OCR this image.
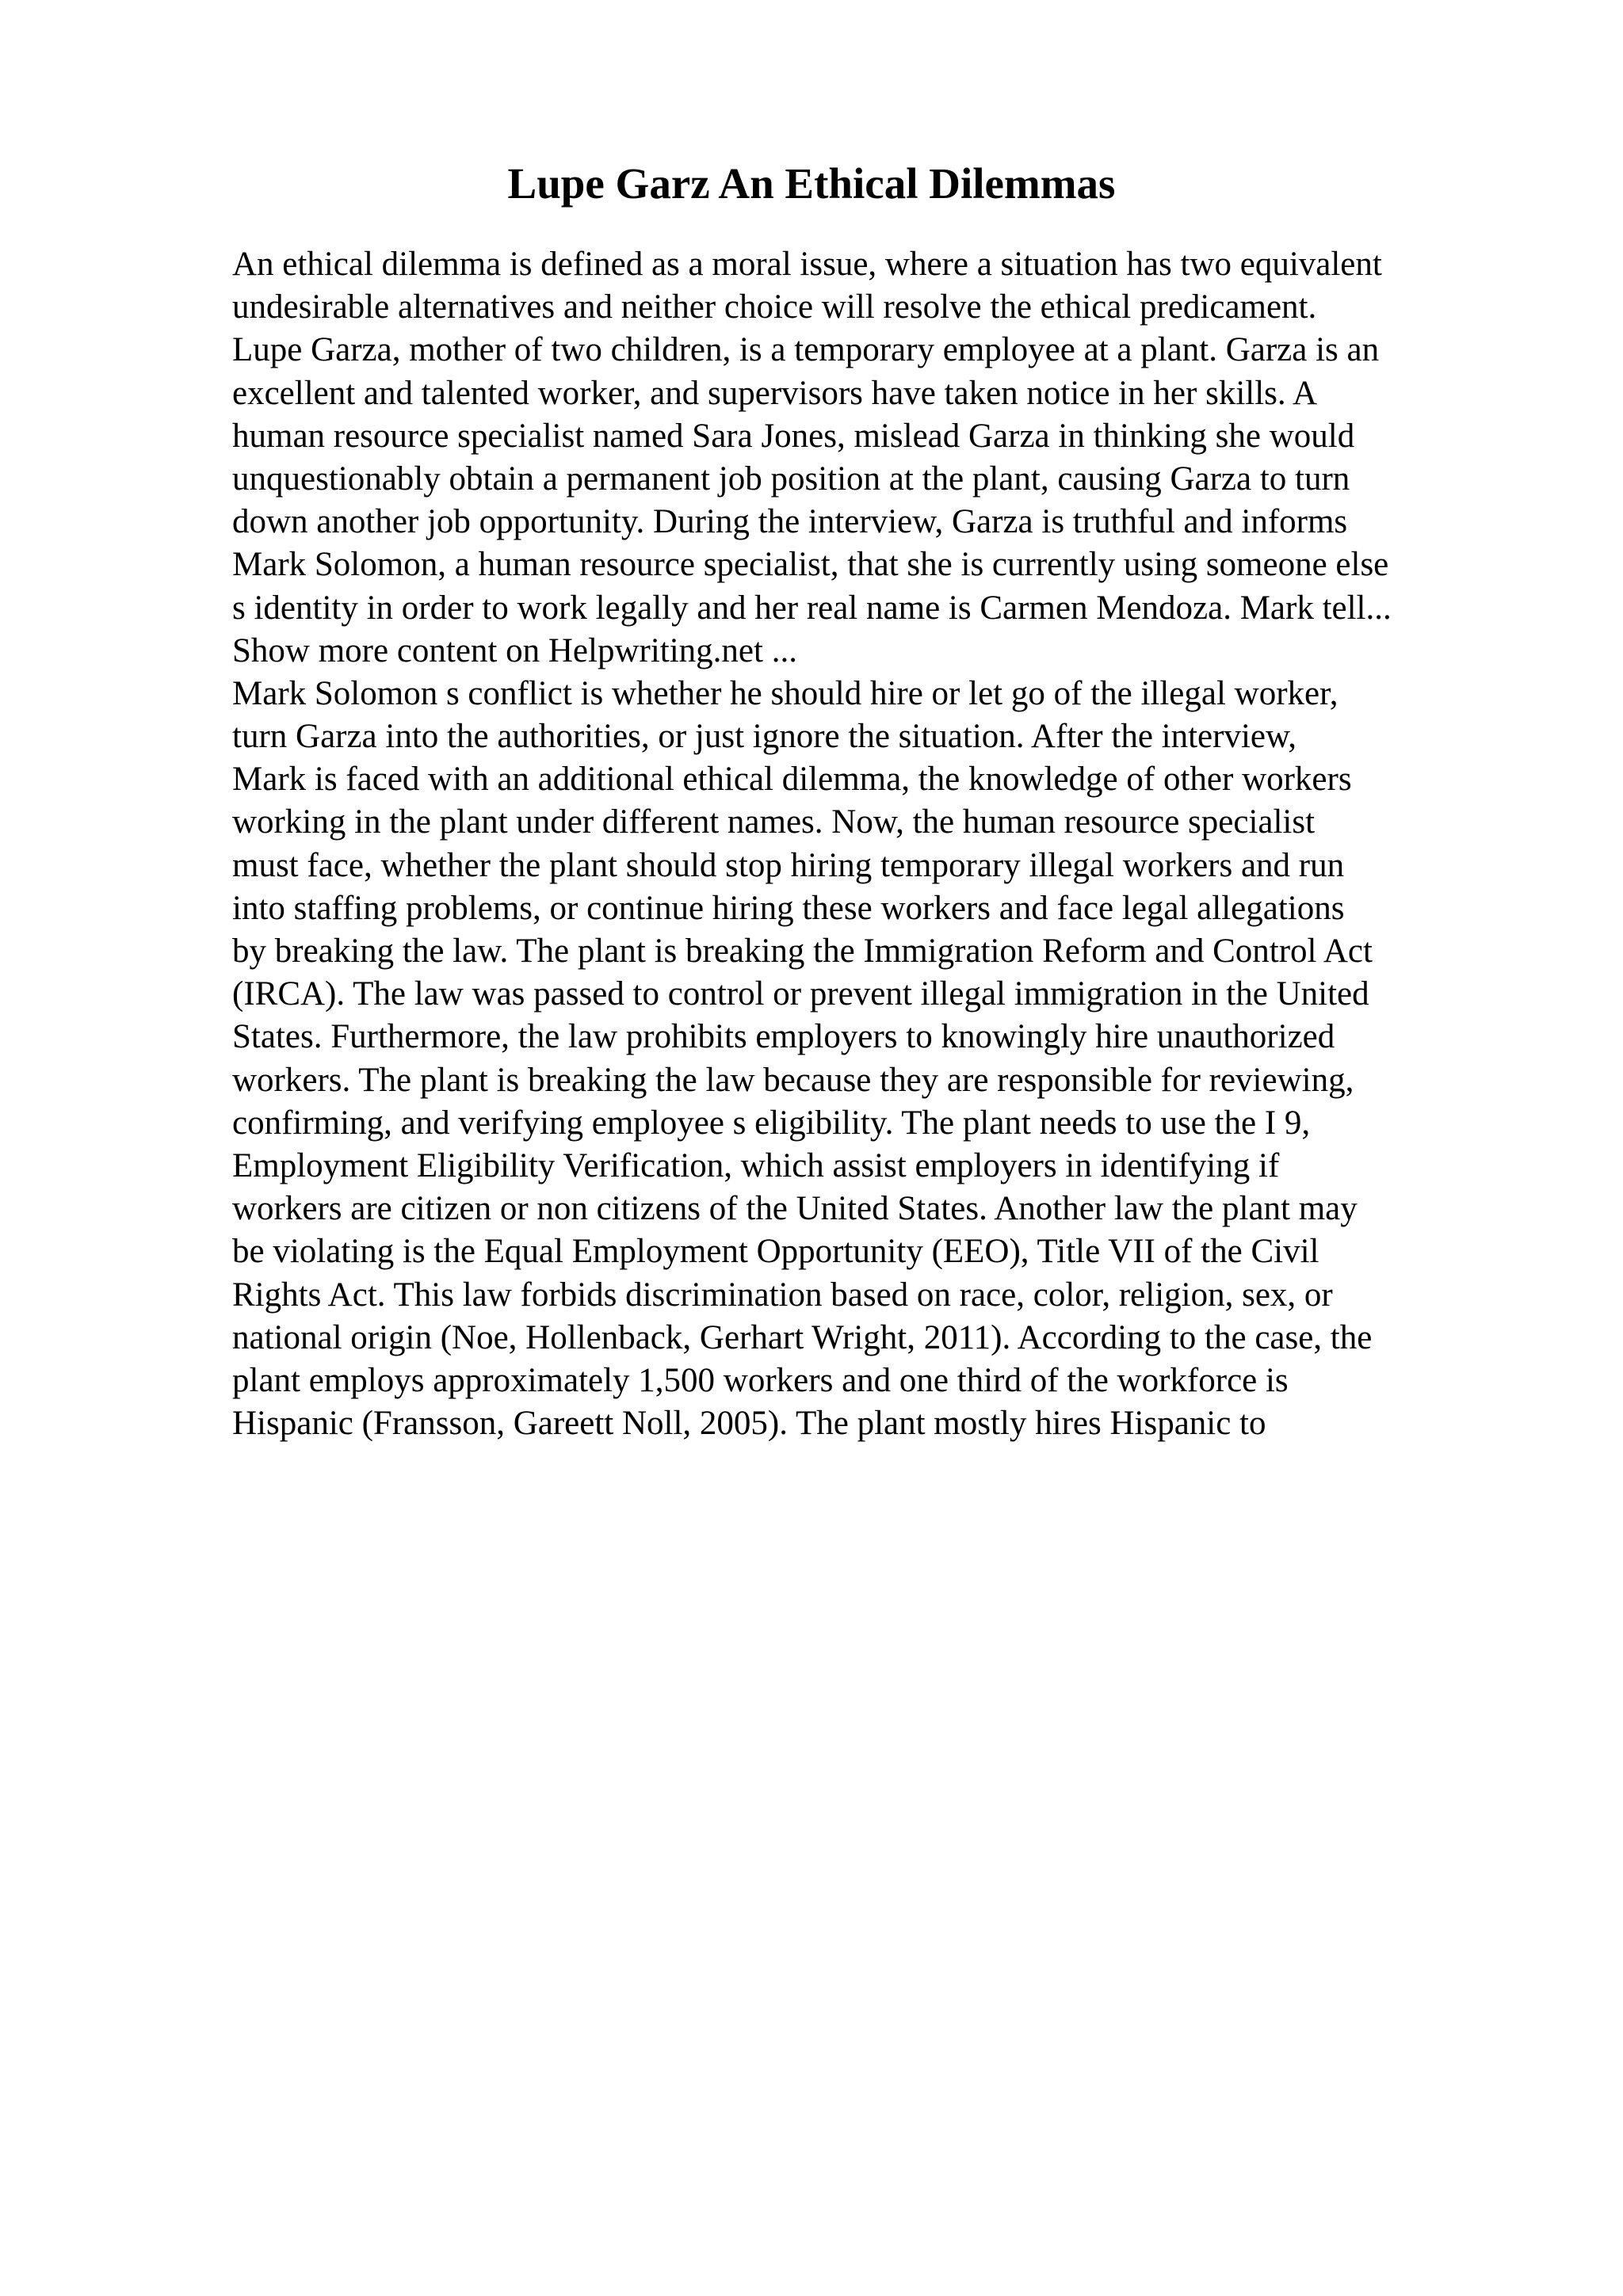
Lupe Garz An Ethical Dilemmas
An ethical dilemma is defined as a moral issue, where a situation has two equivalent
undesirable alternatives and neither choice will resolve the ethical predicament.
Lupe Garza, mother of two children, is a temporary employee at a plant. Garza is an
excellent and talented worker, and supervisors have taken notice in her skills. A
human resource specialist named Sara Jones, mislead Garza in thinking she would
unquestionably obtain a permanent job position at the plant, causing Garza to turn
down another job opportunity. During the interview, Garza is truthful and informs
Mark Solomon, a human resource specialist, that she is currently using someone else
s identity in order to work legally and her real name is Carmen Mendoza. Mark tell...
Show more content on Helpwriting.net ...
Mark Solomon s conflict is whether he should hire or let go of the illegal worker,
turn Garza into the authorities, or just ignore the situation. After the interview,
Mark is faced with an additional ethical dilemma, the knowledge of other workers
working in the plant under different names. Now, the human resource specialist
must face, whether the plant should stop hiring temporary illegal workers and run
into staffing problems, or continue hiring these workers and face legal allegations
by breaking the law. The plant is breaking the Immigration Reform and Control Act
(IRCA). The law was passed to control or prevent illegal immigration in the United
States. Furthermore, the law prohibits employers to knowingly hire unauthorized
workers. The plant is breaking the law because they are responsible for reviewing,
confirming, and verifying employee s eligibility. The plant needs to use the I 9,
Employment Eligibility Verification, which assist employers in identifying if
workers are citizen or non citizens of the United States. Another law the plant may
be violating is the Equal Employment Opportunity (EEO), Title VII of the Civil
Rights Act. This law forbids discrimination based on race, color, religion, sex, or
national origin (Noe, Hollenback, Gerhart Wright, 2011). According to the case, the
plant employs approximately 1,500 workers and one third of the workforce is
Hispanic (Fransson, Gareett Noll, 2005). The plant mostly hires Hispanic to
